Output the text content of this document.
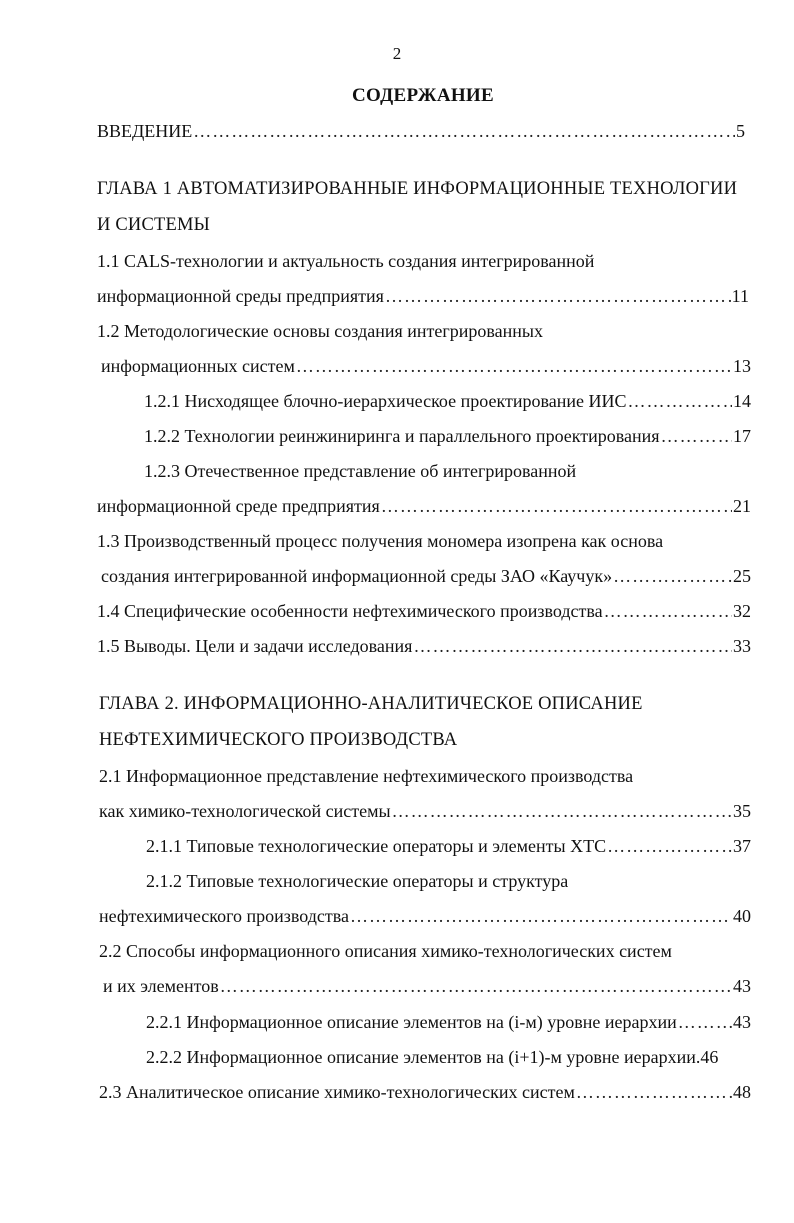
2
СОДЕРЖАНИЕ
ВВЕДЕНИЕ ………………………………………………………………………………………………………………………………………………	5
ГЛАВА 1 АВТОМАТИЗИРОВАННЫЕ ИНФОРМАЦИОННЫЕ ТЕХНОЛОГИИ
И СИСТЕМЫ
1.1 CALS-технологии и актуальность создания интегрированной
информационной среды предприятия ………………………………………………………………………………………………………………………………………………	11
1.2 Методологические основы создания интегрированных
информационных систем ………………………………………………………………………………………………………………………………………………	13
1.2.1 Нисходящее блочно-иерархическое проектирование ИИС ………………………………………………………………………………………………………………………………………………	14
1.2.2 Технологии реинжиниринга и параллельного проектирования ………………………………………………………………………………………………………………………………………………	17
1.2.3 Отечественное представление об интегрированной
информационной среде предприятия ………………………………………………………………………………………………………………………………………………	21
1.3 Производственный процесс получения мономера изопрена как основа
создания интегрированной информационной среды ЗАО «Каучук» ………………………………………………………………………………………………………………………………………………	25
1.4 Специфические особенности нефтехимического производства ………………………………………………………………………………………………………………………………………………	32
1.5 Выводы. Цели и задачи исследования ………………………………………………………………………………………………………………………………………………	33
ГЛАВА 2. ИНФОРМАЦИОННО-АНАЛИТИЧЕСКОЕ ОПИСАНИЕ
НЕФТЕХИМИЧЕСКОГО ПРОИЗВОДСТВА
2.1 Информационное представление нефтехимического производства
как химико-технологической системы ………………………………………………………………………………………………………………………………………………	35
2.1.1 Типовые технологические операторы и элементы ХТС ………………………………………………………………………………………………………………………………………………	37
2.1.2 Типовые технологические операторы и структура
нефтехимического производства ………………………………………………………………………………………………………………………………………………	40
2.2 Способы информационного описания химико-технологических систем
и их элементов ………………………………………………………………………………………………………………………………………………	43
2.2.1 Информационное описание элементов на (i-м) уровне иерархии ………………………………………………………………………………………………………………………………………………	43
2.2.2 Информационное описание элементов на (i+1)-м уровне иерархии. 46
2.3 Аналитическое описание химико-технологических систем ………………………………………………………………………………………………………………………………………………	48
